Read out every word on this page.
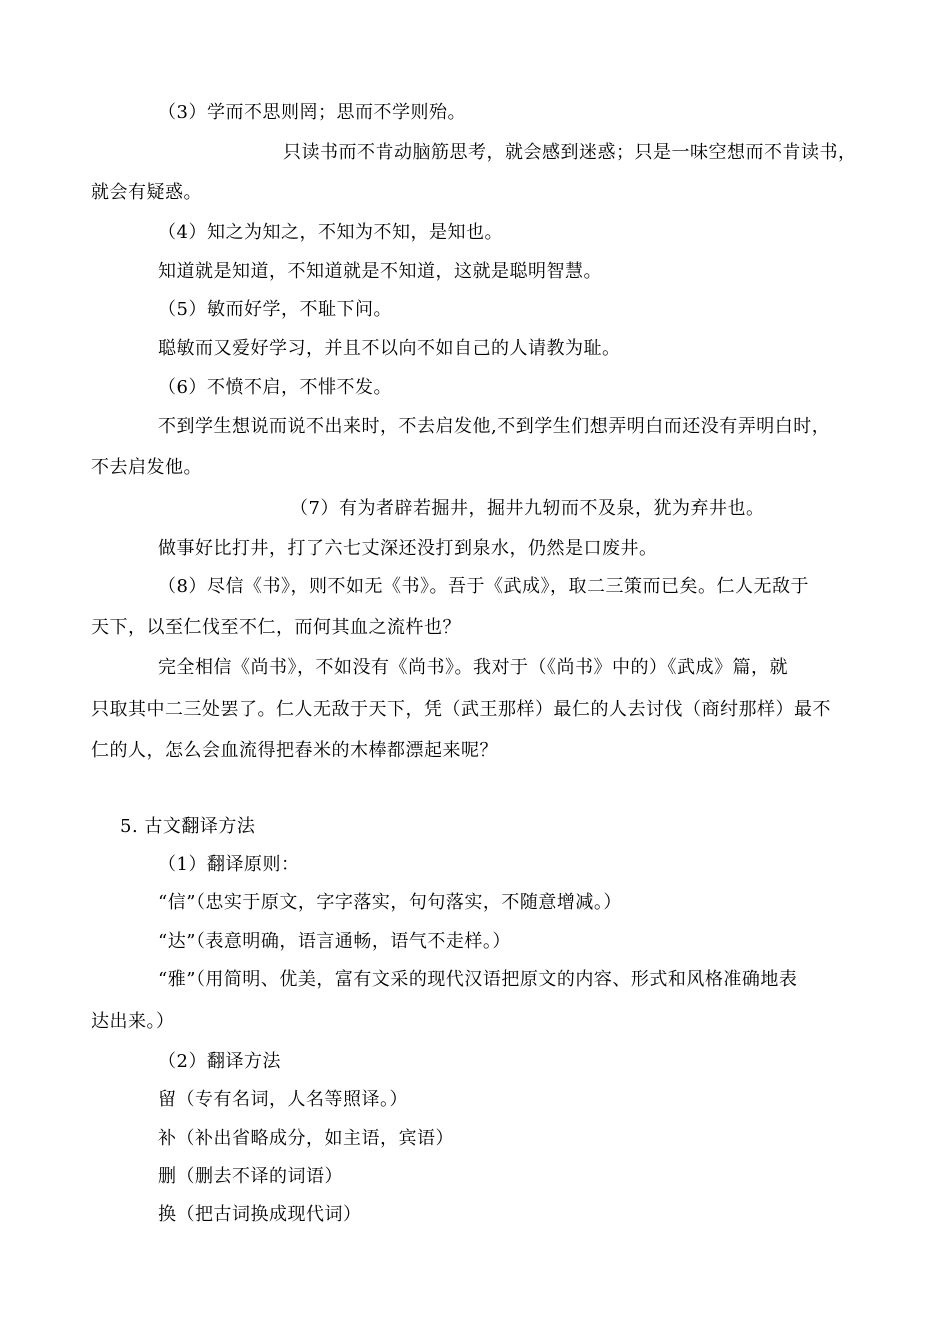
（3）学而不思则罔；思而不学则殆。
只读书而不肯动脑筋思考，就会感到迷惑；只是一味空想而不肯读书，
就会有疑惑。
（4）知之为知之，不知为不知，是知也。
知道就是知道，不知道就是不知道，这就是聪明智慧。
（5）敏而好学，不耻下问。
聪敏而又爱好学习，并且不以向不如自己的人请教为耻。
（6）不愤不启，不悱不发。
不到学生想说而说不出来时，不去启发他,不到学生们想弄明白而还没有弄明白时，
不去启发他。
（7）有为者辟若掘井，掘井九轫而不及泉，犹为弃井也。
做事好比打井，打了六七丈深还没打到泉水，仍然是口废井。
（8）尽信《书》，则不如无《书》。吾于《武成》，取二三策而已矣。仁人无敌于
天下，以至仁伐至不仁，而何其血之流杵也？
完全相信《尚书》，不如没有《尚书》。我对于（《尚书》中的）《武成》篇，就
只取其中二三处罢了。仁人无敌于天下，凭（武王那样）最仁的人去讨伐（商纣那样）最不
仁的人，怎么会血流得把舂米的木棒都漂起来呢？
5. 古文翻译方法
（1）翻译原则：
“信”（忠实于原文，字字落实，句句落实，不随意增减。）
“达”（表意明确，语言通畅，语气不走样。）
“雅”（用简明、优美，富有文采的现代汉语把原文的内容、形式和风格准确地表
达出来。）
（2）翻译方法
留（专有名词，人名等照译。）
补（补出省略成分，如主语，宾语）
删（删去不译的词语）
换（把古词换成现代词）
